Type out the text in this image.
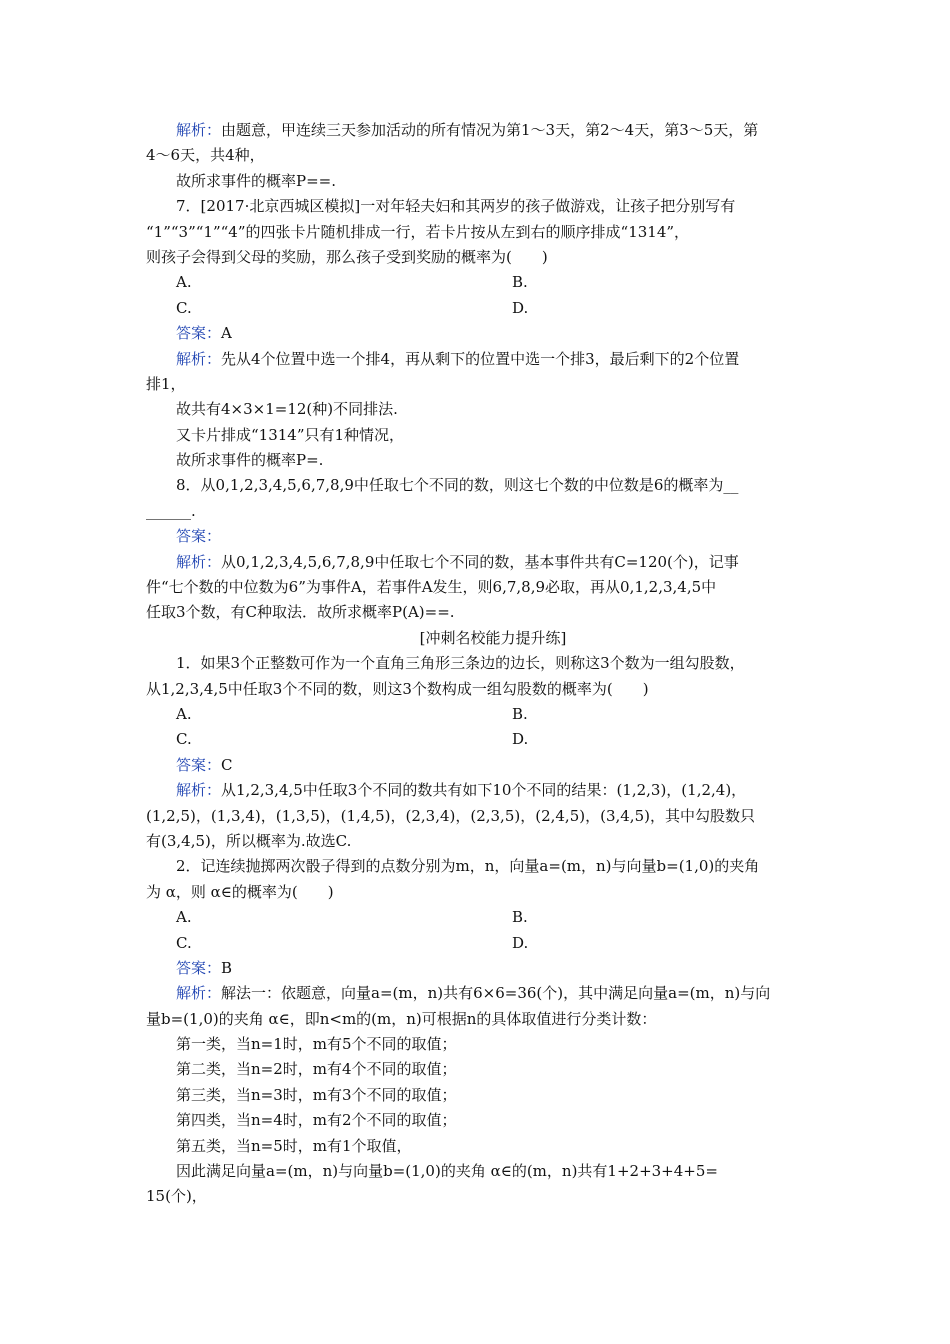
解析：由题意，甲连续三天参加活动的所有情况为第1～3天，第2～4天，第3～5天，第
4～6天，共4种，
故所求事件的概率P==.
7．[2017·北京西城区模拟]一对年轻夫妇和其两岁的孩子做游戏，让孩子把分别写有
“1”“3”“1”“4”的四张卡片随机排成一行，若卡片按从左到右的顺序排成“1314”，
则孩子会得到父母的奖励，那么孩子受到奖励的概率为(　　)
A.	B.
C.	D.
答案：A
解析：先从4个位置中选一个排4，再从剩下的位置中选一个排3，最后剩下的2个位置
排1，
故共有4×3×1=12(种)不同排法.
又卡片排成“1314”只有1种情况，
故所求事件的概率P=.
8．从0,1,2,3,4,5,6,7,8,9中任取七个不同的数，则这七个数的中位数是6的概率为__
______.
答案：
解析：从0,1,2,3,4,5,6,7,8,9中任取七个不同的数，基本事件共有C=120(个)，记事
件“七个数的中位数为6”为事件A，若事件A发生，则6,7,8,9必取，再从0,1,2,3,4,5中
任取3个数，有C种取法．故所求概率P(A)==.
[冲刺名校能力提升练]
1．如果3个正整数可作为一个直角三角形三条边的边长，则称这3个数为一组勾股数，
从1,2,3,4,5中任取3个不同的数，则这3个数构成一组勾股数的概率为(　　)
A.	B.
C.	D.
答案：C
解析：从1,2,3,4,5中任取3个不同的数共有如下10个不同的结果：(1,2,3)，(1,2,4)，
(1,2,5)，(1,3,4)，(1,3,5)，(1,4,5)，(2,3,4)，(2,3,5)，(2,4,5)，(3,4,5)，其中勾股数只
有(3,4,5)，所以概率为.故选C.
2．记连续抛掷两次骰子得到的点数分别为m，n，向量a=(m，n)与向量b=(1,0)的夹角
为 α，则 α∈的概率为(　　)
A.	B.
C.	D.
答案：B
解析：解法一：依题意，向量a=(m，n)共有6×6=36(个)，其中满足向量a=(m，n)与向
量b=(1,0)的夹角 α∈，即n<m的(m，n)可根据n的具体取值进行分类计数：
第一类，当n=1时，m有5个不同的取值；
第二类，当n=2时，m有4个不同的取值；
第三类，当n=3时，m有3个不同的取值；
第四类，当n=4时，m有2个不同的取值；
第五类，当n=5时，m有1个取值，
因此满足向量a=(m，n)与向量b=(1,0)的夹角 α∈的(m，n)共有1+2+3+4+5=
15(个)，
